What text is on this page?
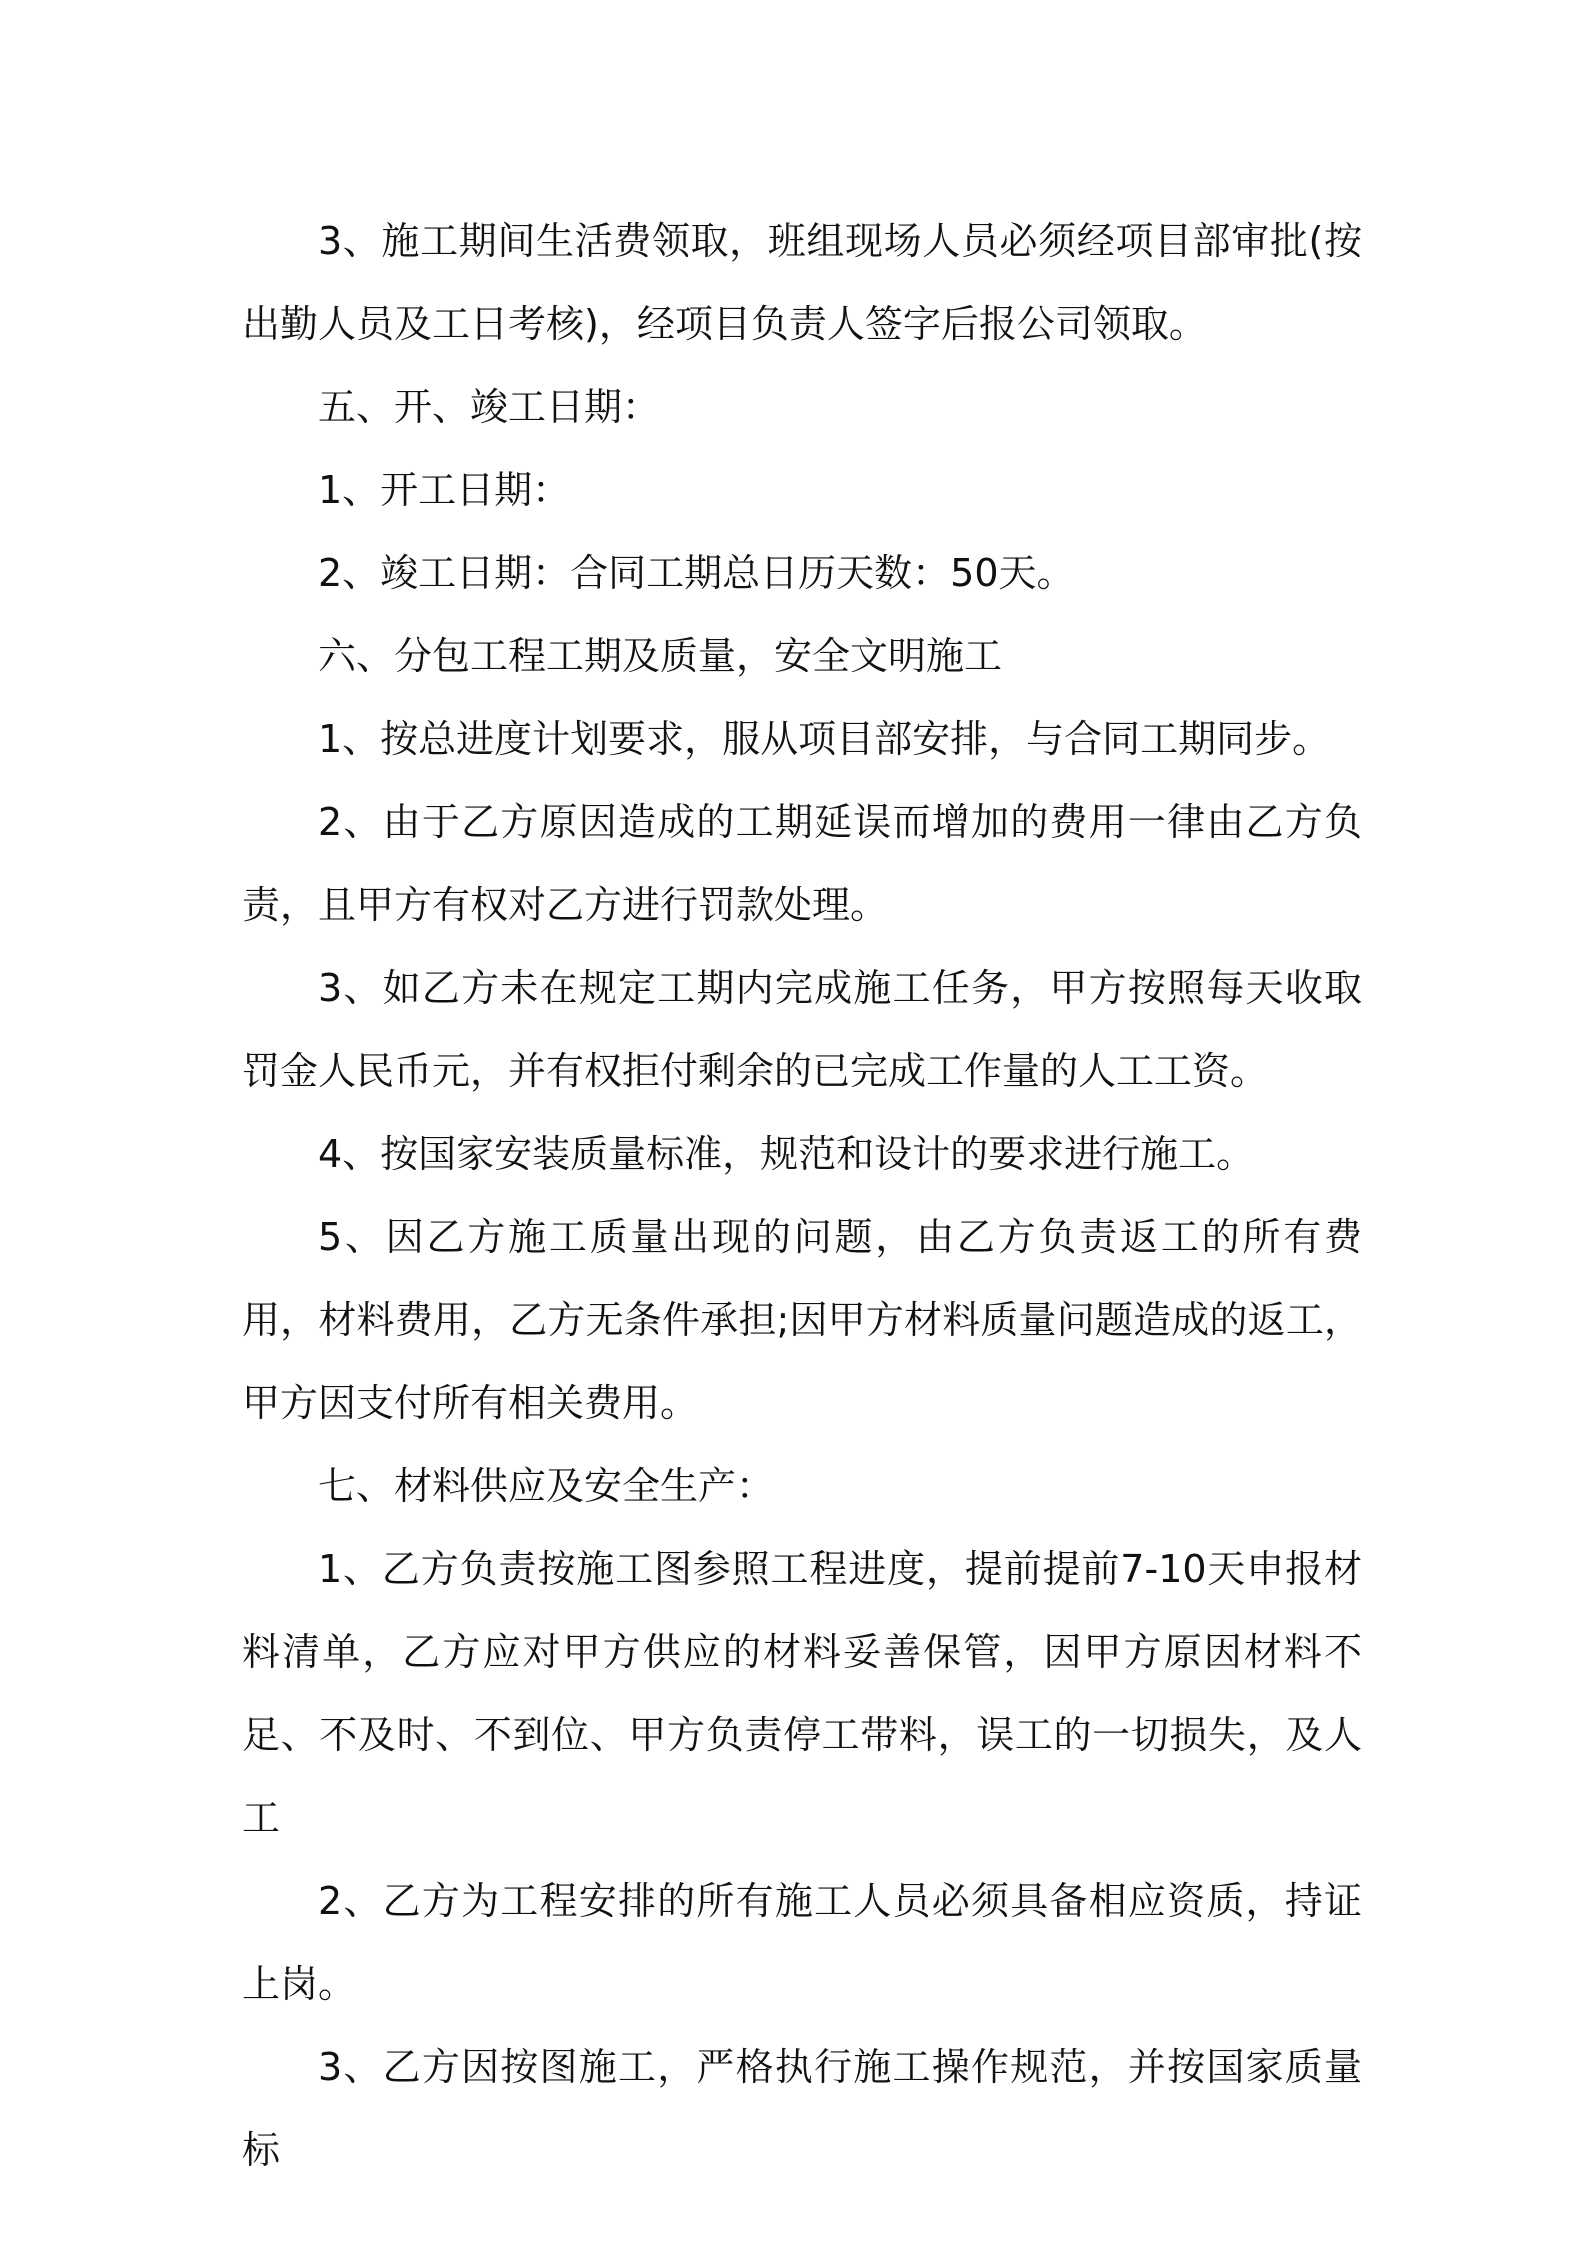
3、施工期间生活费领取，班组现场人员必须经项目部审批(按出勤人员及工日考核)，经项目负责人签字后报公司领取。

五、开、竣工日期：

1、开工日期：

2、竣工日期：合同工期总日历天数：50天。

六、分包工程工期及质量，安全文明施工

1、按总进度计划要求，服从项目部安排，与合同工期同步。

2、由于乙方原因造成的工期延误而增加的费用一律由乙方负责，且甲方有权对乙方进行罚款处理。

3、如乙方未在规定工期内完成施工任务，甲方按照每天收取罚金人民币元，并有权拒付剩余的已完成工作量的人工工资。

4、按国家安装质量标准，规范和设计的要求进行施工。

5、因乙方施工质量出现的问题，由乙方负责返工的所有费用，材料费用，乙方无条件承担;因甲方材料质量问题造成的返工，甲方因支付所有相关费用。

七、材料供应及安全生产：

1、乙方负责按施工图参照工程进度，提前提前7-10天申报材料清单，乙方应对甲方供应的材料妥善保管，因甲方原因材料不足、不及时、不到位、甲方负责停工带料，误工的一切损失，及人工

2、乙方为工程安排的所有施工人员必须具备相应资质，持证上岗。

3、乙方因按图施工，严格执行施工操作规范，并按国家质量标
